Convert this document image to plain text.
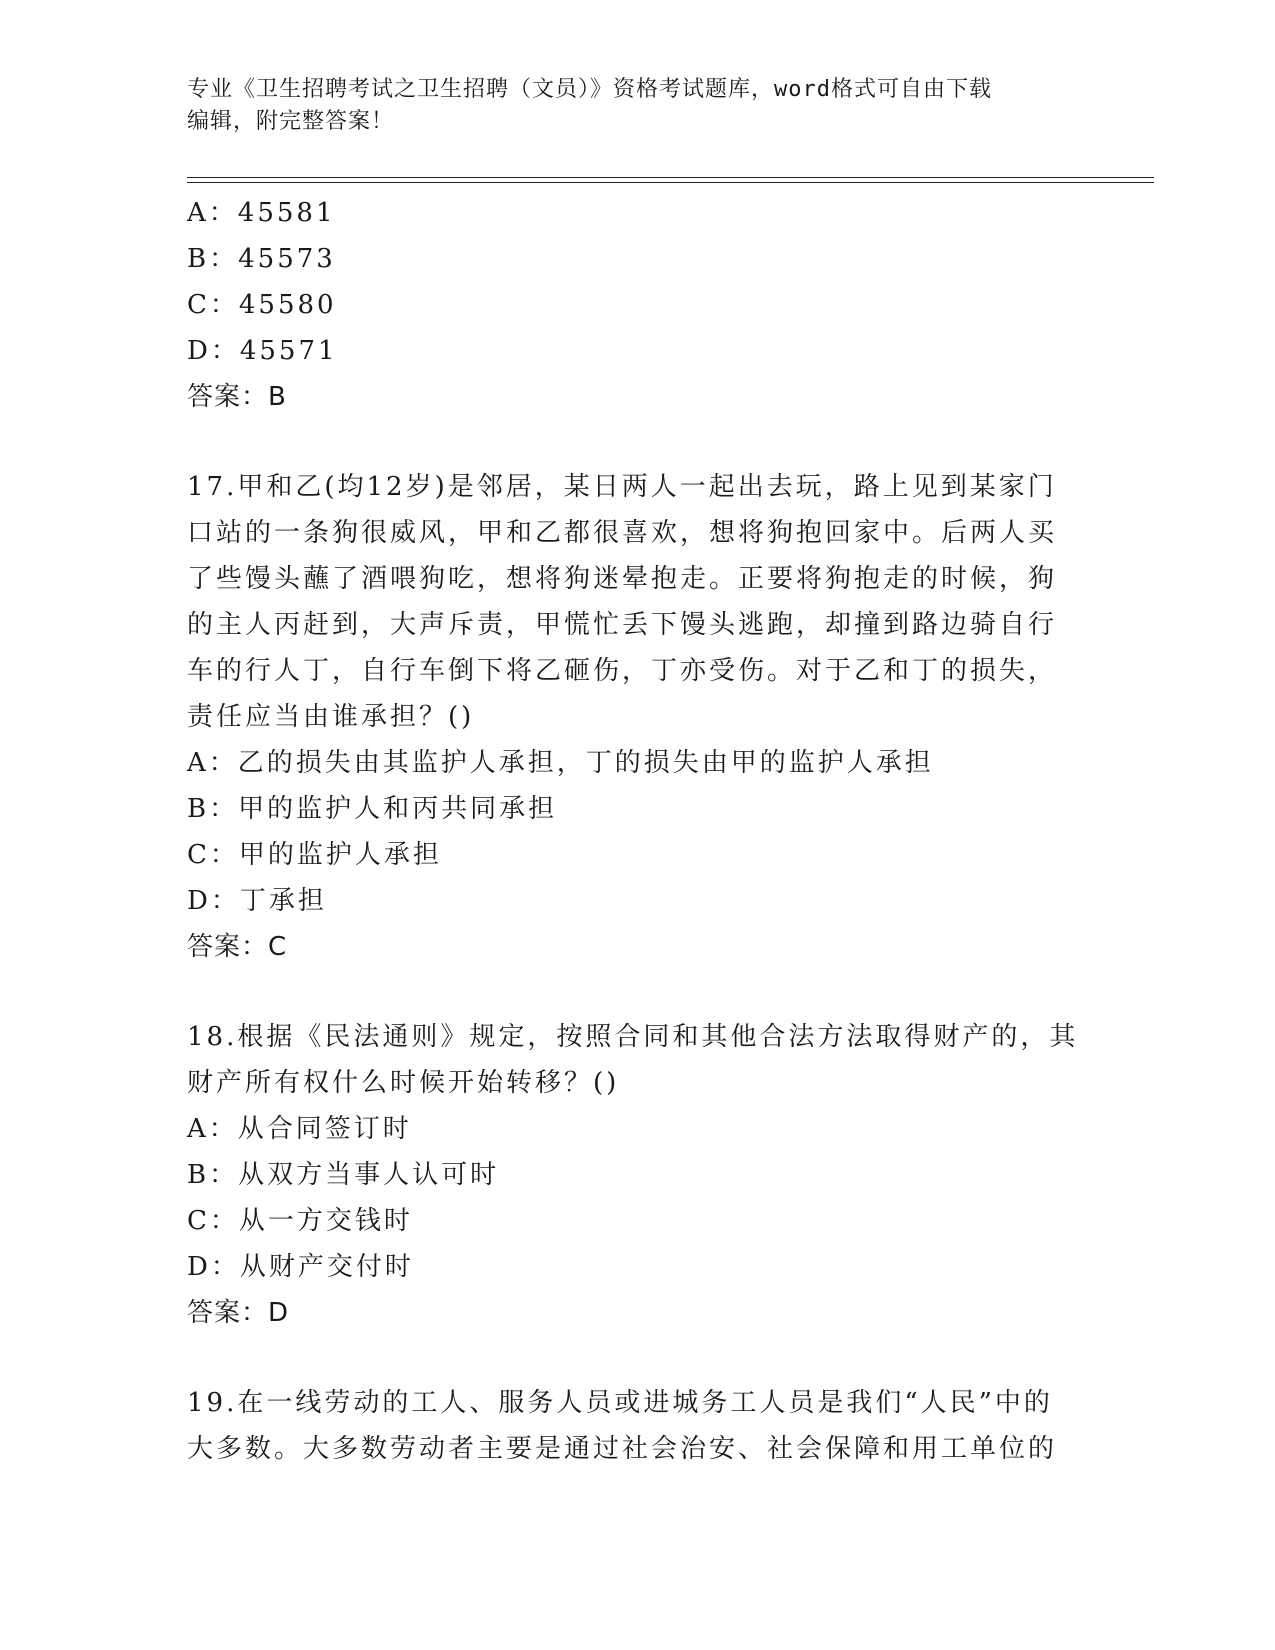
专业《卫生招聘考试之卫生招聘（文员）》资格考试题库，word格式可自由下载
编辑，附完整答案！
A：45581
B：45573
C：45580
D：45571
答案：B
17.甲和乙(均12岁)是邻居，某日两人一起出去玩，路上见到某家门
口站的一条狗很威风，甲和乙都很喜欢，想将狗抱回家中。后两人买
了些馒头蘸了酒喂狗吃，想将狗迷晕抱走。正要将狗抱走的时候，狗
的主人丙赶到，大声斥责，甲慌忙丢下馒头逃跑，却撞到路边骑自行
车的行人丁，自行车倒下将乙砸伤，丁亦受伤。对于乙和丁的损失，
责任应当由谁承担？()
A：乙的损失由其监护人承担，丁的损失由甲的监护人承担
B：甲的监护人和丙共同承担
C：甲的监护人承担
D：丁承担
答案：C
18.根据《民法通则》规定，按照合同和其他合法方法取得财产的，其
财产所有权什么时候开始转移？()
A：从合同签订时
B：从双方当事人认可时
C：从一方交钱时
D：从财产交付时
答案：D
19.在一线劳动的工人、服务人员或进城务工人员是我们“人民”中的
大多数。大多数劳动者主要是通过社会治安、社会保障和用工单位的
